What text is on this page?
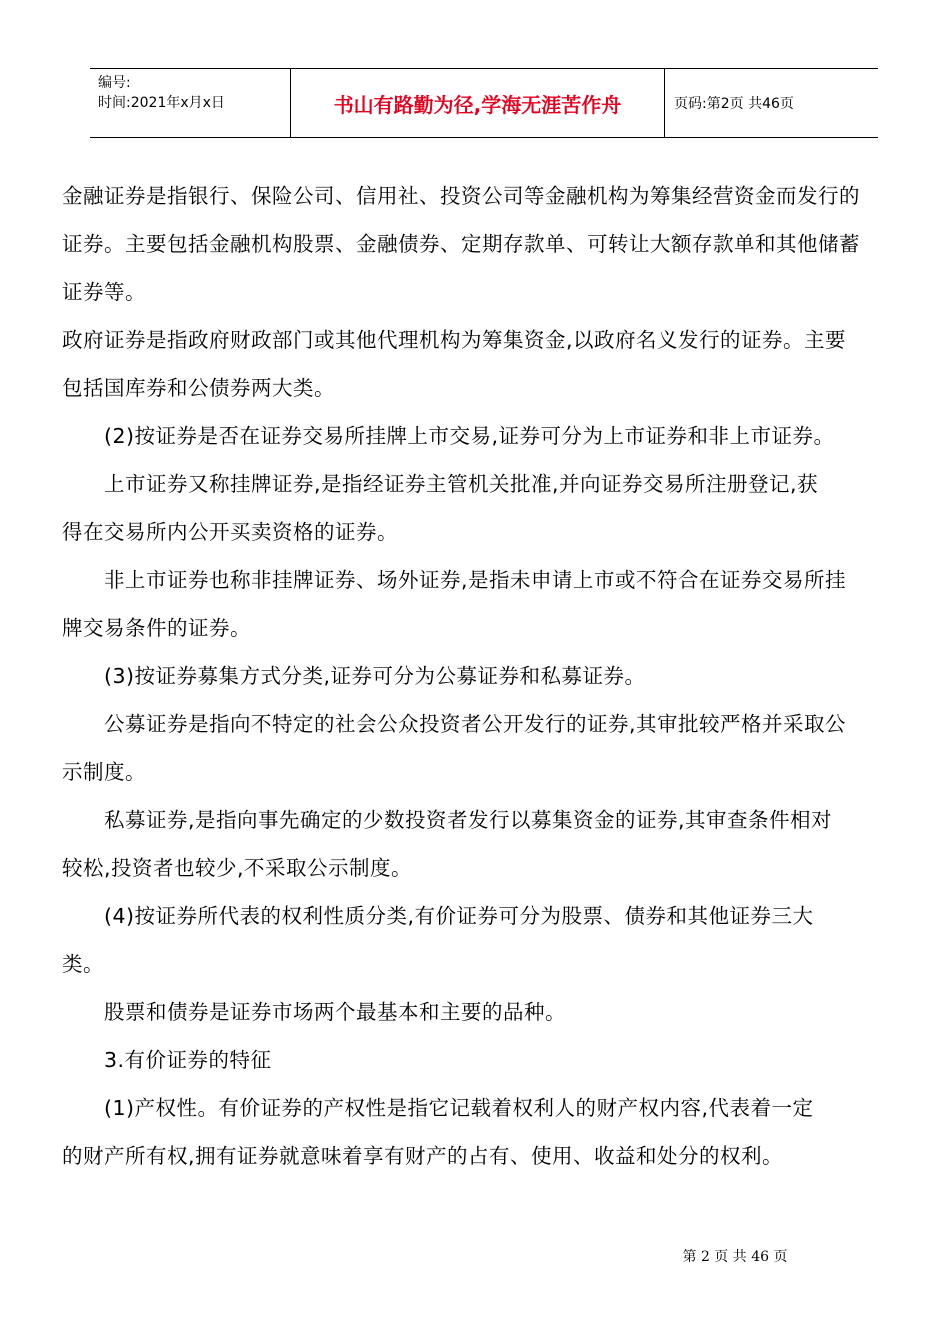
编号:
时间:2021年x月x日	书山有路勤为径,学海无涯苦作舟	页码:第2页 共46页

金融证券是指银行、保险公司、信用社、投资公司等金融机构为筹集经营资金而发行的

证券。主要包括金融机构股票、金融债券、定期存款单、可转让大额存款单和其他储蓄

证券等。

政府证券是指政府财政部门或其他代理机构为筹集资金,以政府名义发行的证券。主要

包括国库券和公债券两大类。

(2)按证券是否在证券交易所挂牌上市交易,证券可分为上市证券和非上市证券。

上市证券又称挂牌证券,是指经证券主管机关批准,并向证券交易所注册登记,获

得在交易所内公开买卖资格的证券。

非上市证券也称非挂牌证券、场外证券,是指未申请上市或不符合在证券交易所挂

牌交易条件的证券。

(3)按证券募集方式分类,证券可分为公募证券和私募证券。

公募证券是指向不特定的社会公众投资者公开发行的证券,其审批较严格并采取公

示制度。

私募证券,是指向事先确定的少数投资者发行以募集资金的证券,其审查条件相对

较松,投资者也较少,不采取公示制度。

(4)按证券所代表的权利性质分类,有价证券可分为股票、债券和其他证券三大

类。

股票和债券是证券市场两个最基本和主要的品种。

3.有价证券的特征

(1)产权性。有价证券的产权性是指它记载着权利人的财产权内容,代表着一定

的财产所有权,拥有证券就意味着享有财产的占有、使用、收益和处分的权利。

第 2 页 共 46 页
